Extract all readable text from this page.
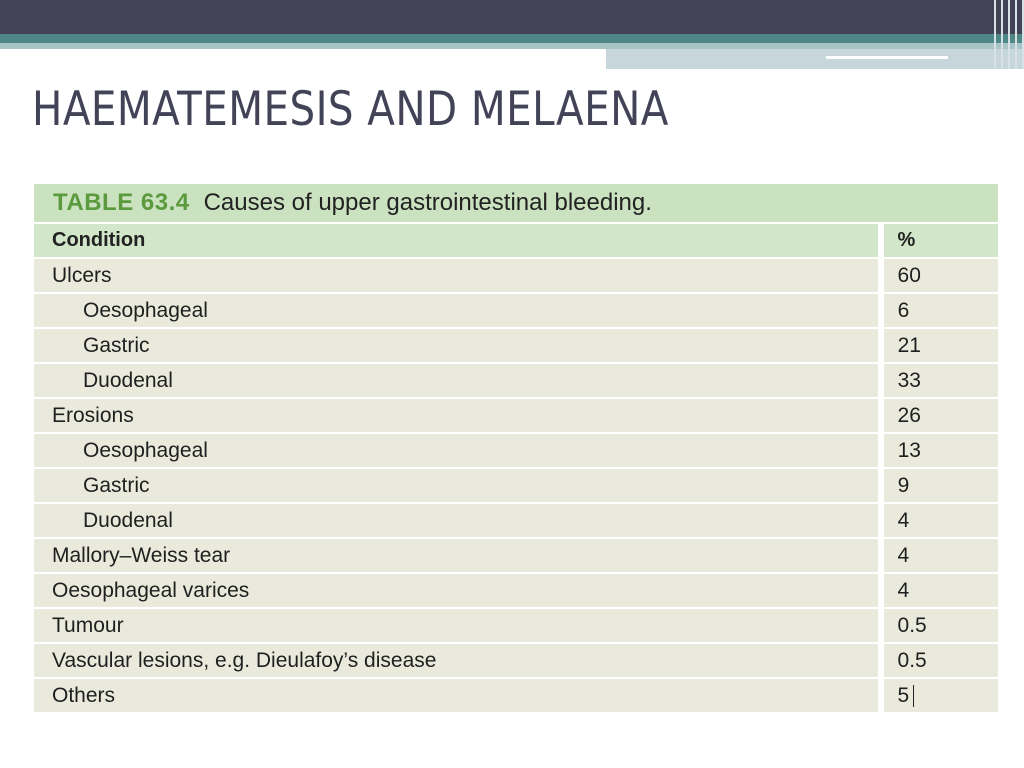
HAEMATEMESIS AND MELAENA
TABLE 63.4 Causes of upper gastrointestinal bleeding.
Condition	%
Ulcers	60
Oesophageal	6
Gastric	21
Duodenal	33
Erosions	26
Oesophageal	13
Gastric	9
Duodenal	4
Mallory–Weiss tear	4
Oesophageal varices	4
Tumour	0.5
Vascular lesions, e.g. Dieulafoy’s disease	0.5
Others	5
